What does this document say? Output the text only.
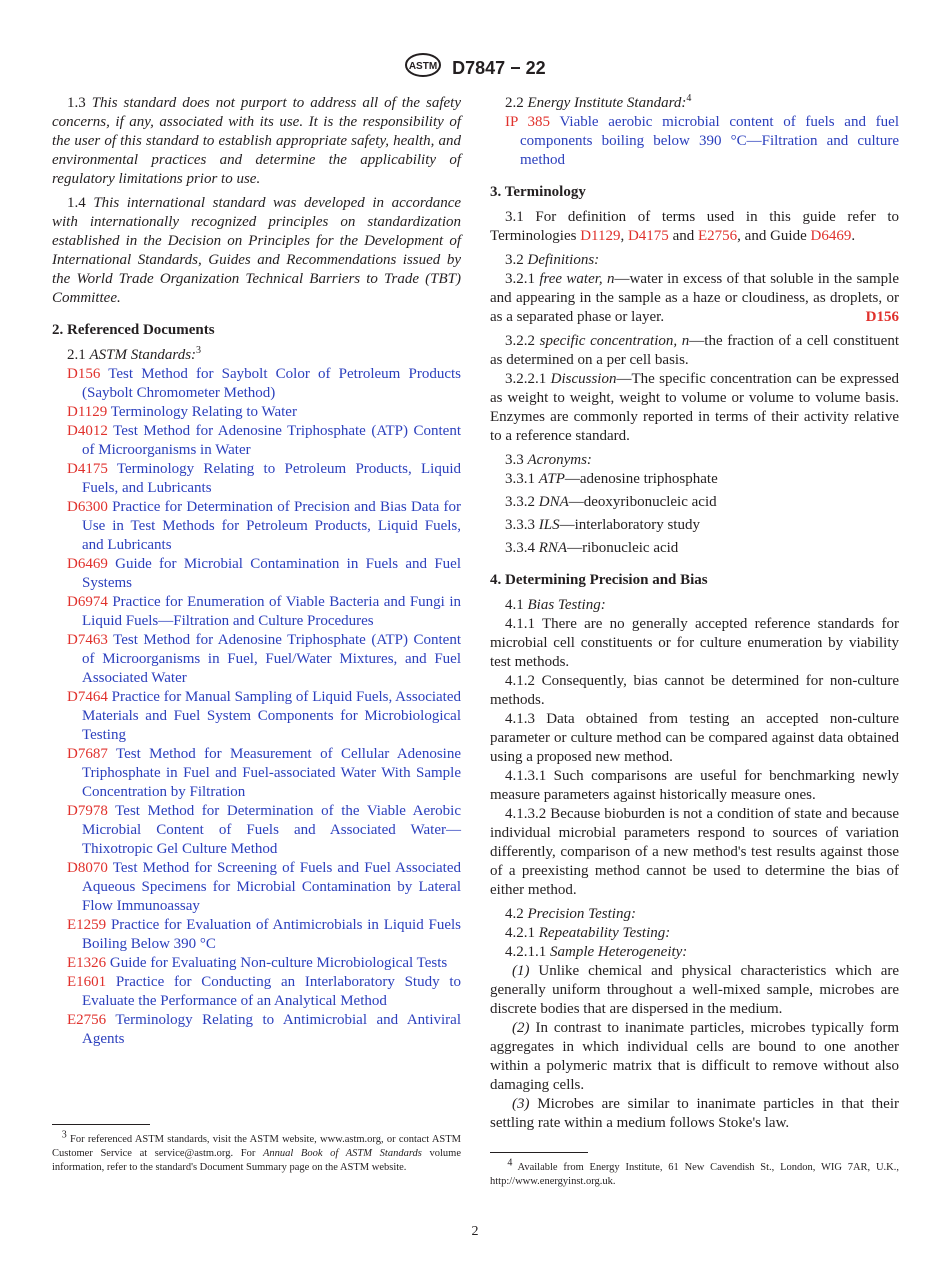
ASTM D7847 − 22

1.3 This standard does not purport to address all of the safety concerns, if any, associated with its use. It is the responsibility of the user of this standard to establish appropriate safety, health, and environmental practices and determine the applicability of regulatory limitations prior to use.

1.4 This international standard was developed in accordance with internationally recognized principles on standardization established in the Decision on Principles for the Development of International Standards, Guides and Recommendations issued by the World Trade Organization Technical Barriers to Trade (TBT) Committee.

2. Referenced Documents

2.1 ASTM Standards:$^3$

D156 Test Method for Saybolt Color of Petroleum Products (Saybolt Chromometer Method)

D1129 Terminology Relating to Water

D4012 Test Method for Adenosine Triphosphate (ATP) Content of Microorganisms in Water

D4175 Terminology Relating to Petroleum Products, Liquid Fuels, and Lubricants

D6300 Practice for Determination of Precision and Bias Data for Use in Test Methods for Petroleum Products, Liquid Fuels, and Lubricants

D6469 Guide for Microbial Contamination in Fuels and Fuel Systems

D6974 Practice for Enumeration of Viable Bacteria and Fungi in Liquid Fuels—Filtration and Culture Procedures

D7463 Test Method for Adenosine Triphosphate (ATP) Content of Microorganisms in Fuel, Fuel/Water Mixtures, and Fuel Associated Water

D7464 Practice for Manual Sampling of Liquid Fuels, Associated Materials and Fuel System Components for Microbiological Testing

D7687 Test Method for Measurement of Cellular Adenosine Triphosphate in Fuel and Fuel-associated Water With Sample Concentration by Filtration

D7978 Test Method for Determination of the Viable Aerobic Microbial Content of Fuels and Associated Water—Thixotropic Gel Culture Method

D8070 Test Method for Screening of Fuels and Fuel Associated Aqueous Specimens for Microbial Contamination by Lateral Flow Immunoassay

E1259 Practice for Evaluation of Antimicrobials in Liquid Fuels Boiling Below 390 °C

E1326 Guide for Evaluating Non-culture Microbiological Tests

E1601 Practice for Conducting an Interlaboratory Study to Evaluate the Performance of an Analytical Method

E2756 Terminology Relating to Antimicrobial and Antiviral Agents

$^3$ For referenced ASTM standards, visit the ASTM website, www.astm.org, or contact ASTM Customer Service at service@astm.org. For Annual Book of ASTM Standards volume information, refer to the standard's Document Summary page on the ASTM website.

2.2 Energy Institute Standard:$^4$

IP 385 Viable aerobic microbial content of fuels and fuel components boiling below 390 °C—Filtration and culture method

3. Terminology

3.1 For definition of terms used in this guide refer to Terminologies D1129, D4175 and E2756, and Guide D6469.

3.2 Definitions:

3.2.1 free water, n—water in excess of that soluble in the sample and appearing in the sample as a haze or cloudiness, as droplets, or as a separated phase or layer.	D156

3.2.2 specific concentration, n—the fraction of a cell constituent as determined on a per cell basis.

3.2.2.1 Discussion—The specific concentration can be expressed as weight to weight, weight to volume or volume to volume basis. Enzymes are commonly reported in terms of their activity relative to a reference standard.

3.3 Acronyms:

3.3.1 ATP—adenosine triphosphate

3.3.2 DNA—deoxyribonucleic acid

3.3.3 ILS—interlaboratory study

3.3.4 RNA—ribonucleic acid

4. Determining Precision and Bias

4.1 Bias Testing:

4.1.1 There are no generally accepted reference standards for microbial cell constituents or for culture enumeration by viability test methods.

4.1.2 Consequently, bias cannot be determined for non-culture methods.

4.1.3 Data obtained from testing an accepted non-culture parameter or culture method can be compared against data obtained using a proposed new method.

4.1.3.1 Such comparisons are useful for benchmarking newly measure parameters against historically measure ones.

4.1.3.2 Because bioburden is not a condition of state and because individual microbial parameters respond to sources of variation differently, comparison of a new method's test results against those of a preexisting method cannot be used to determine the bias of either method.

4.2 Precision Testing:

4.2.1 Repeatability Testing:

4.2.1.1 Sample Heterogeneity:

(1) Unlike chemical and physical characteristics which are generally uniform throughout a well-mixed sample, microbes are discrete bodies that are dispersed in the medium.

(2) In contrast to inanimate particles, microbes typically form aggregates in which individual cells are bound to one another within a polymeric matrix that is difficult to remove without also damaging cells.

(3) Microbes are similar to inanimate particles in that their settling rate within a medium follows Stoke's law.

$^4$ Available from Energy Institute, 61 New Cavendish St., London, WIG 7AR, U.K., http://www.energyinst.org.uk.
2
